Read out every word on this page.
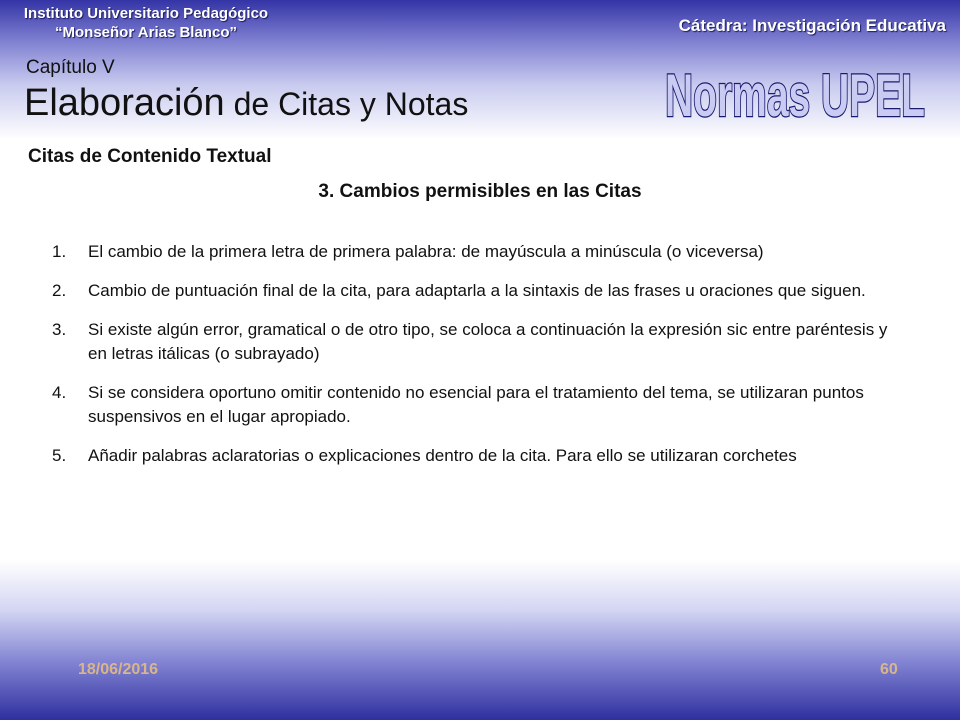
Instituto Universitario Pedagógico
“Monseñor Arias Blanco”	Cátedra: Investigación Educativa
Capítulo V
Elaboración de Citas y Notas	Normas UPEL
Citas de Contenido Textual
3. Cambios permisibles en las Citas
1.	El cambio de la primera letra de primera palabra: de mayúscula a minúscula (o viceversa)
2.	Cambio de puntuación final de la cita, para adaptarla a la sintaxis de las frases u oraciones que siguen.
3.	Si existe algún error, gramatical o de otro tipo, se coloca a continuación la expresión sic entre paréntesis y en letras itálicas (o subrayado)
4.	Si se considera oportuno omitir contenido no esencial para el tratamiento del tema, se utilizaran puntos suspensivos en el lugar apropiado.
5.	Añadir palabras aclaratorias o explicaciones dentro de la cita. Para ello se utilizaran corchetes
18/06/2016	60
